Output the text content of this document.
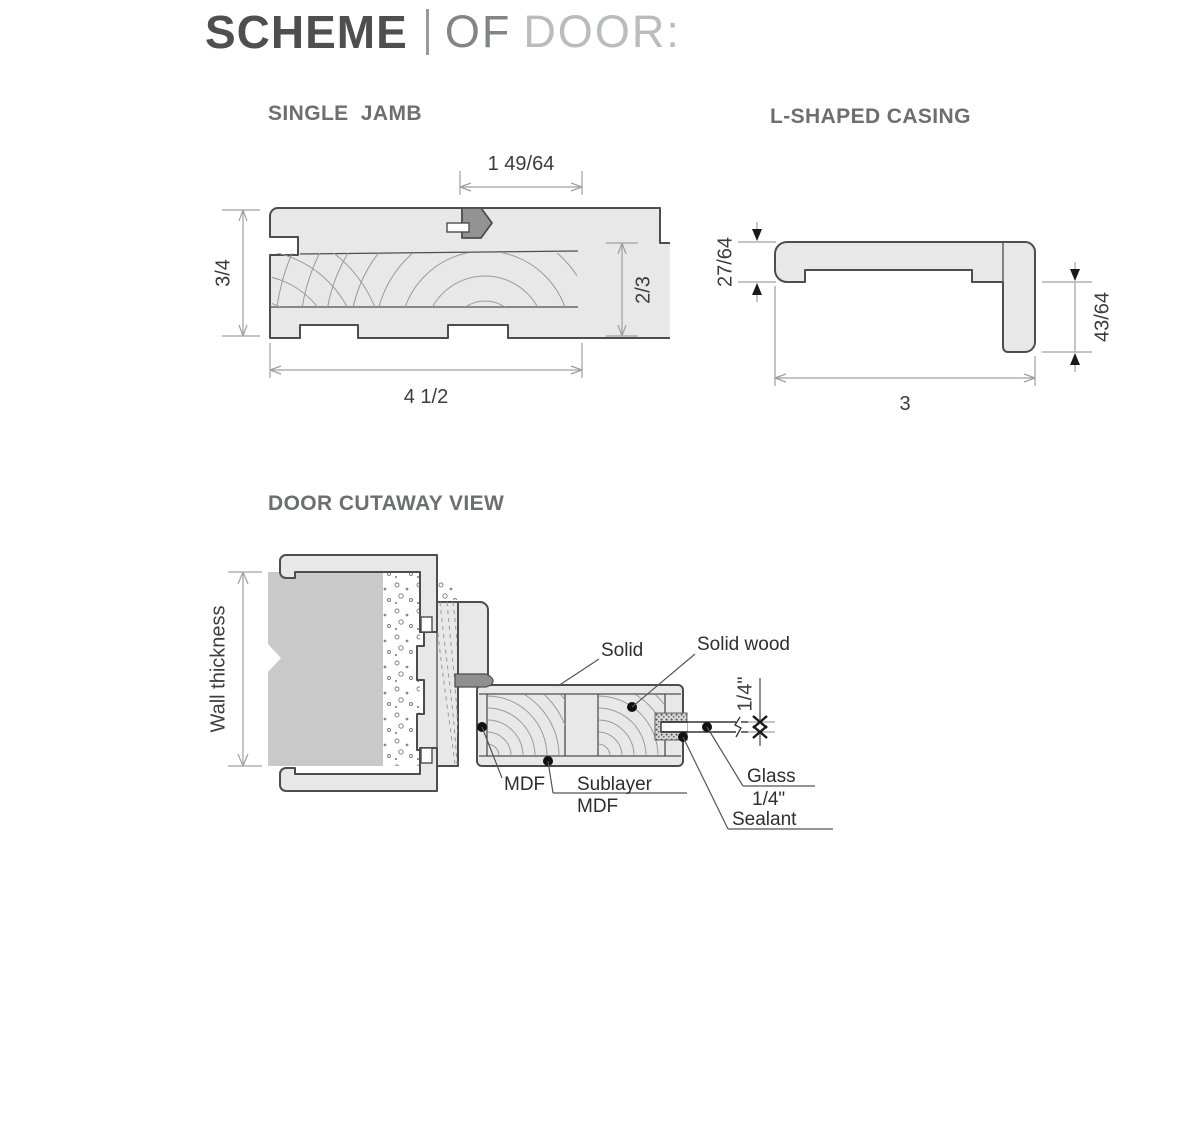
SCHEME OF DOOR:
SINGLE JAMB	L-SHAPED CASING
DOOR CUTAWAY VIEW
1 49/64
3/4
2/3
4 1/2
27/64
43/64
3
Wall thickness	1/4"
Solid	Solid wood
MDF Sublayer
MDF
Glass
1/4"
Sealant
